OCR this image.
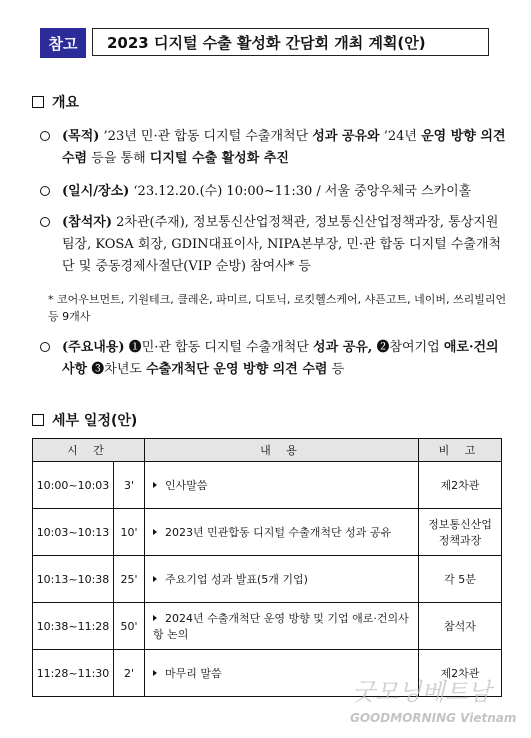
참고	2023 디지털 수출 활성화 간담회 개최 계획(안)
개요
(목적) ’23년 민·관 합동 디지털 수출개척단 성과 공유와 ’24년 운영 방향 의견 수렴 등을 통해 디지털 수출 활성화 추진
(일시/장소) ‘23.12.20.(수) 10:00~11:30 / 서울 중앙우체국 스카이홀
(참석자) 2차관(주재), 정보통신산업정책관, 정보통신산업정책과장, 통상지원팀장, KOSA 회장, GDIN대표이사, NIPA본부장, 민·관 합동 디지털 수출개척단 및 중동경제사절단(VIP 순방) 참여사* 등
* 코어우브먼트, 기원테크, 클레온, 파미르, 디토닉, 로킷헬스케어, 샤픈고트, 네이버, 쓰리빌리언 등 9개사
(주요내용) ❶민·관 합동 디지털 수출개척단 성과 공유, ❷참여기업 애로·건의사항 ❸차년도 수출개척단 운영 방향 의견 수렴 등
세부 일정(안)
시 간		내 용	비 고
10:00~10:03	3'	인사말씀	제2차관
10:03~10:13	10'	2023년 민관합동 디지털 수출개척단 성과 공유	정보통신산업
정책과장
10:13~10:38	25'	주요기업 성과 발표(5개 기업)	각 5분
10:38~11:28	50'	2024년 수출개척단 운영 방향 및 기업 애로·건의사항 논의	참석자
11:28~11:30	2'	마무리 말씀	제2차관
굿모닝베트남
GOODMORNING Vietnam
